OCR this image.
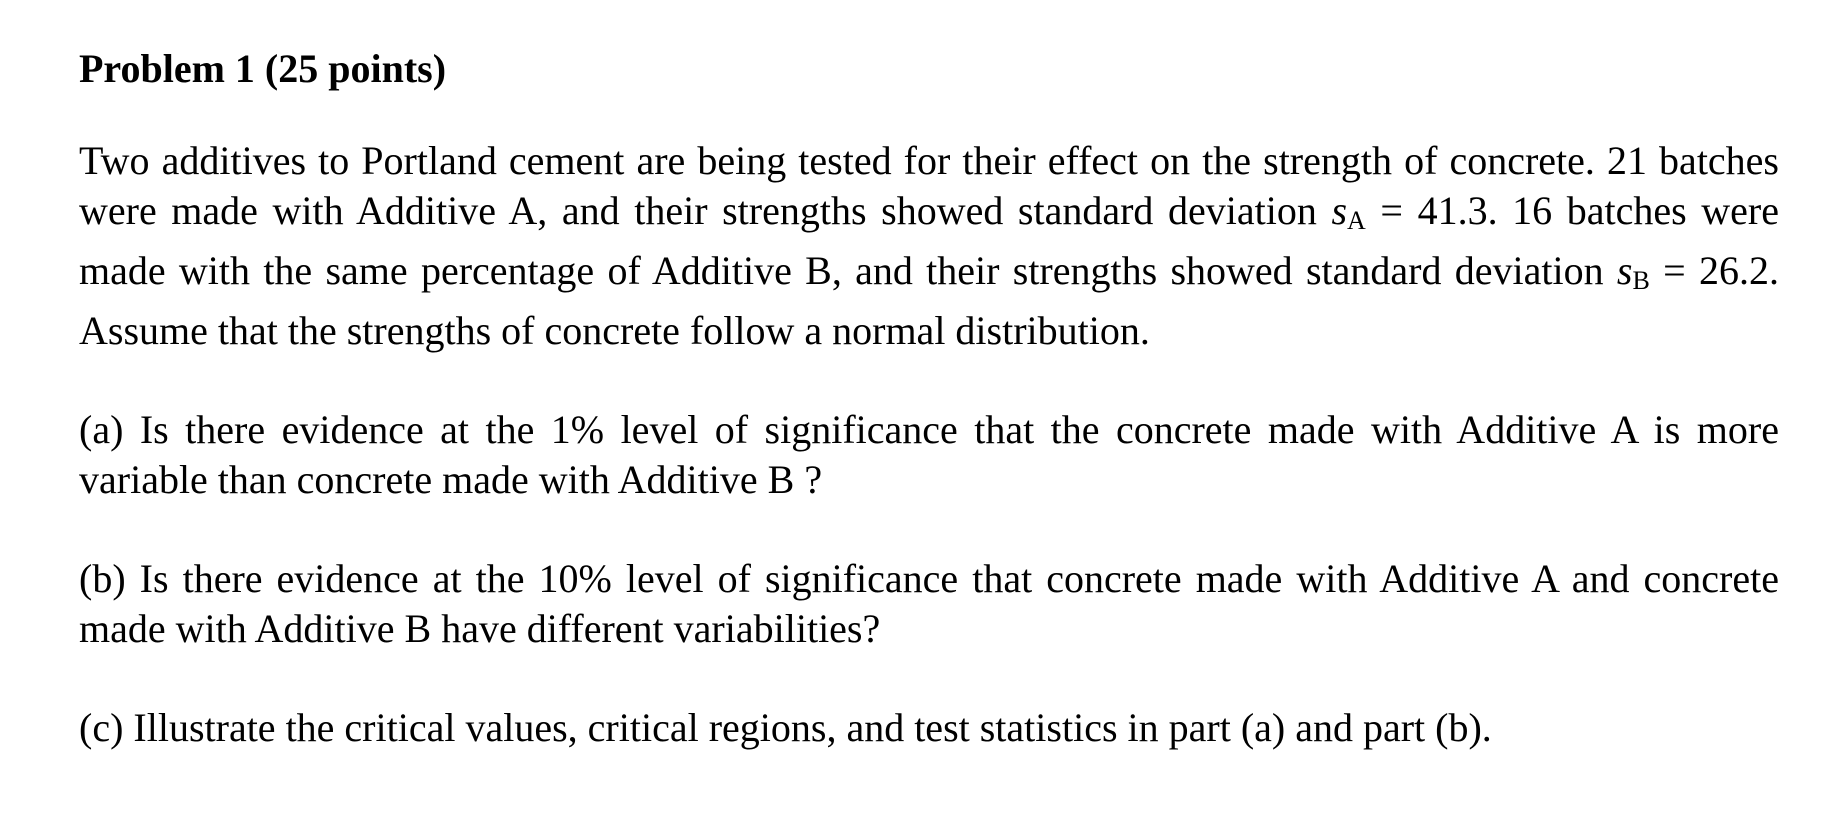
Problem 1 (25 points)

Two additives to Portland cement are being tested for their effect on the strength of concrete. 21 batches were made with Additive A, and their strengths showed standard deviation sA = 41.3. 16 batches were made with the same percentage of Additive B, and their strengths showed standard deviation sB = 26.2. Assume that the strengths of concrete follow a normal distribution.

(a) Is there evidence at the 1% level of significance that the concrete made with Additive A is more variable than concrete made with Additive B ?

(b) Is there evidence at the 10% level of significance that concrete made with Additive A and concrete made with Additive B have different variabilities?

(c) Illustrate the critical values, critical regions, and test statistics in part (a) and part (b).
